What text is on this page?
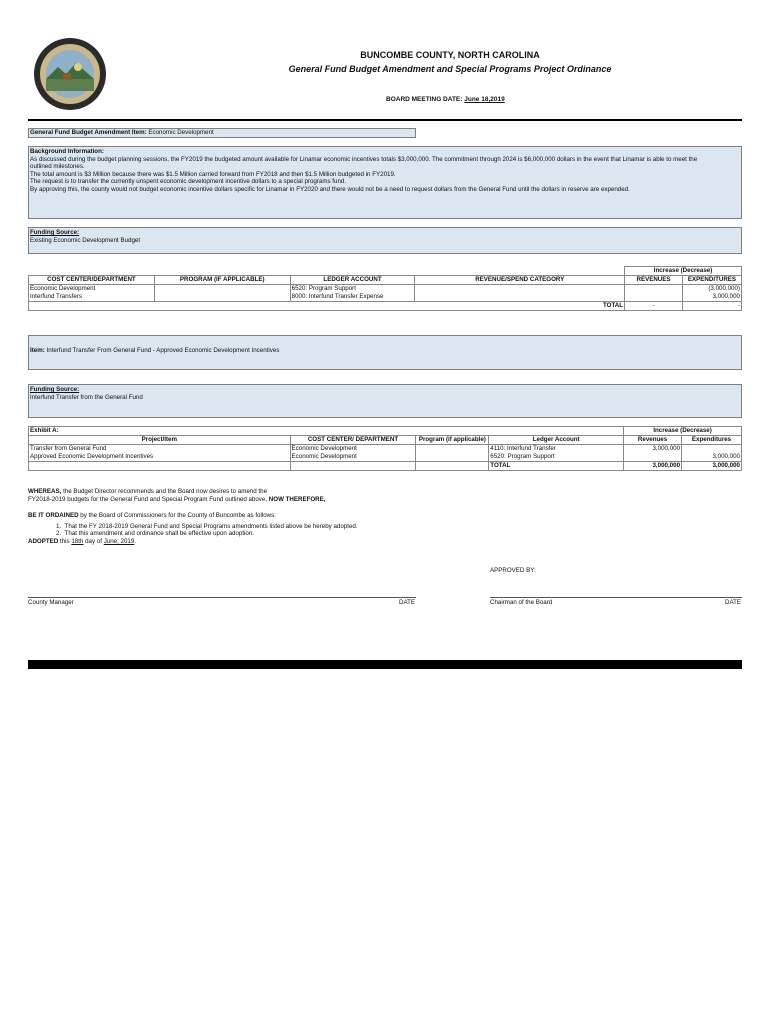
BUNCOMBE COUNTY, NORTH CAROLINA
General Fund Budget Amendment and Special Programs Project Ordinance
BOARD MEETING DATE: June 18,2019
General Fund Budget Amendment Item: Economic Development
Background Information:
As discussed during the budget planning sessions, the FY2019 the budgeted amount available for Linamar economic incentives totals $3,000,000. The commitment through 2024 is $6,000,000 dollars in the event that Linamar is able to meet the
outlined milestones.
The total amount is $3 Million because there was $1.5 Million carried forward from FY2018 and then $1.5 Million budgeted in FY2019.
The request is to transfer the currently unspent economic development incentive dollars to a special programs fund.
By approving this, the county would not budget economic incentive dollars specific for Linamar in FY2020 and there would not be a need to request dollars from the General Fund until the dollars in reserve are expended.
Funding Source:
Existing Economic Development Budget
				Increase (Decrease)	
COST CENTER/DEPARTMENT	PROGRAM (IF APPLICABLE)	LEDGER ACCOUNT	REVENUE/SPEND CATEGORY	REVENUES	EXPENDITURES
Economic Development		6520: Program Support			(3,000,000)
Interfund Transfers		8000: Interfund Transfer Expense			3,000,000
TOTAL				-	-
Item: Interfund Transfer From General Fund - Approved Economic Development Incentives
Funding Source:
Interfund Transfer from the General Fund
Exhibit A:				Increase (Decrease)	
Project/Item	COST CENTER/ DEPARTMENT	Program (if applicable)	Ledger Account	Revenues	Expenditures
Transfer from General Fund	Economic Development		4110: Interfund Transfer	3,000,000	
Approved Economic Development Incentives	Economic Development		6520: Program Support		3,000,000
			TOTAL	3,000,000	3,000,000
WHEREAS, the Budget Director recommends and the Board now desires to amend the
FY2018-2019 budgets for the General Fund and Special Program Fund outlined above, NOW THEREFORE,
BE IT ORDAINED by the Board of Commissioners for the County of Buncombe as follows:
1.  That the FY 2018-2019 General Fund and Special Programs amendments listed above be hereby adopted.
2.  That this amendment and ordinance shall be effective upon adoption.
ADOPTED this 18th day of June, 2019.
APPROVED BY:
County Manager	DATE	Chairman of the Board	DATE
